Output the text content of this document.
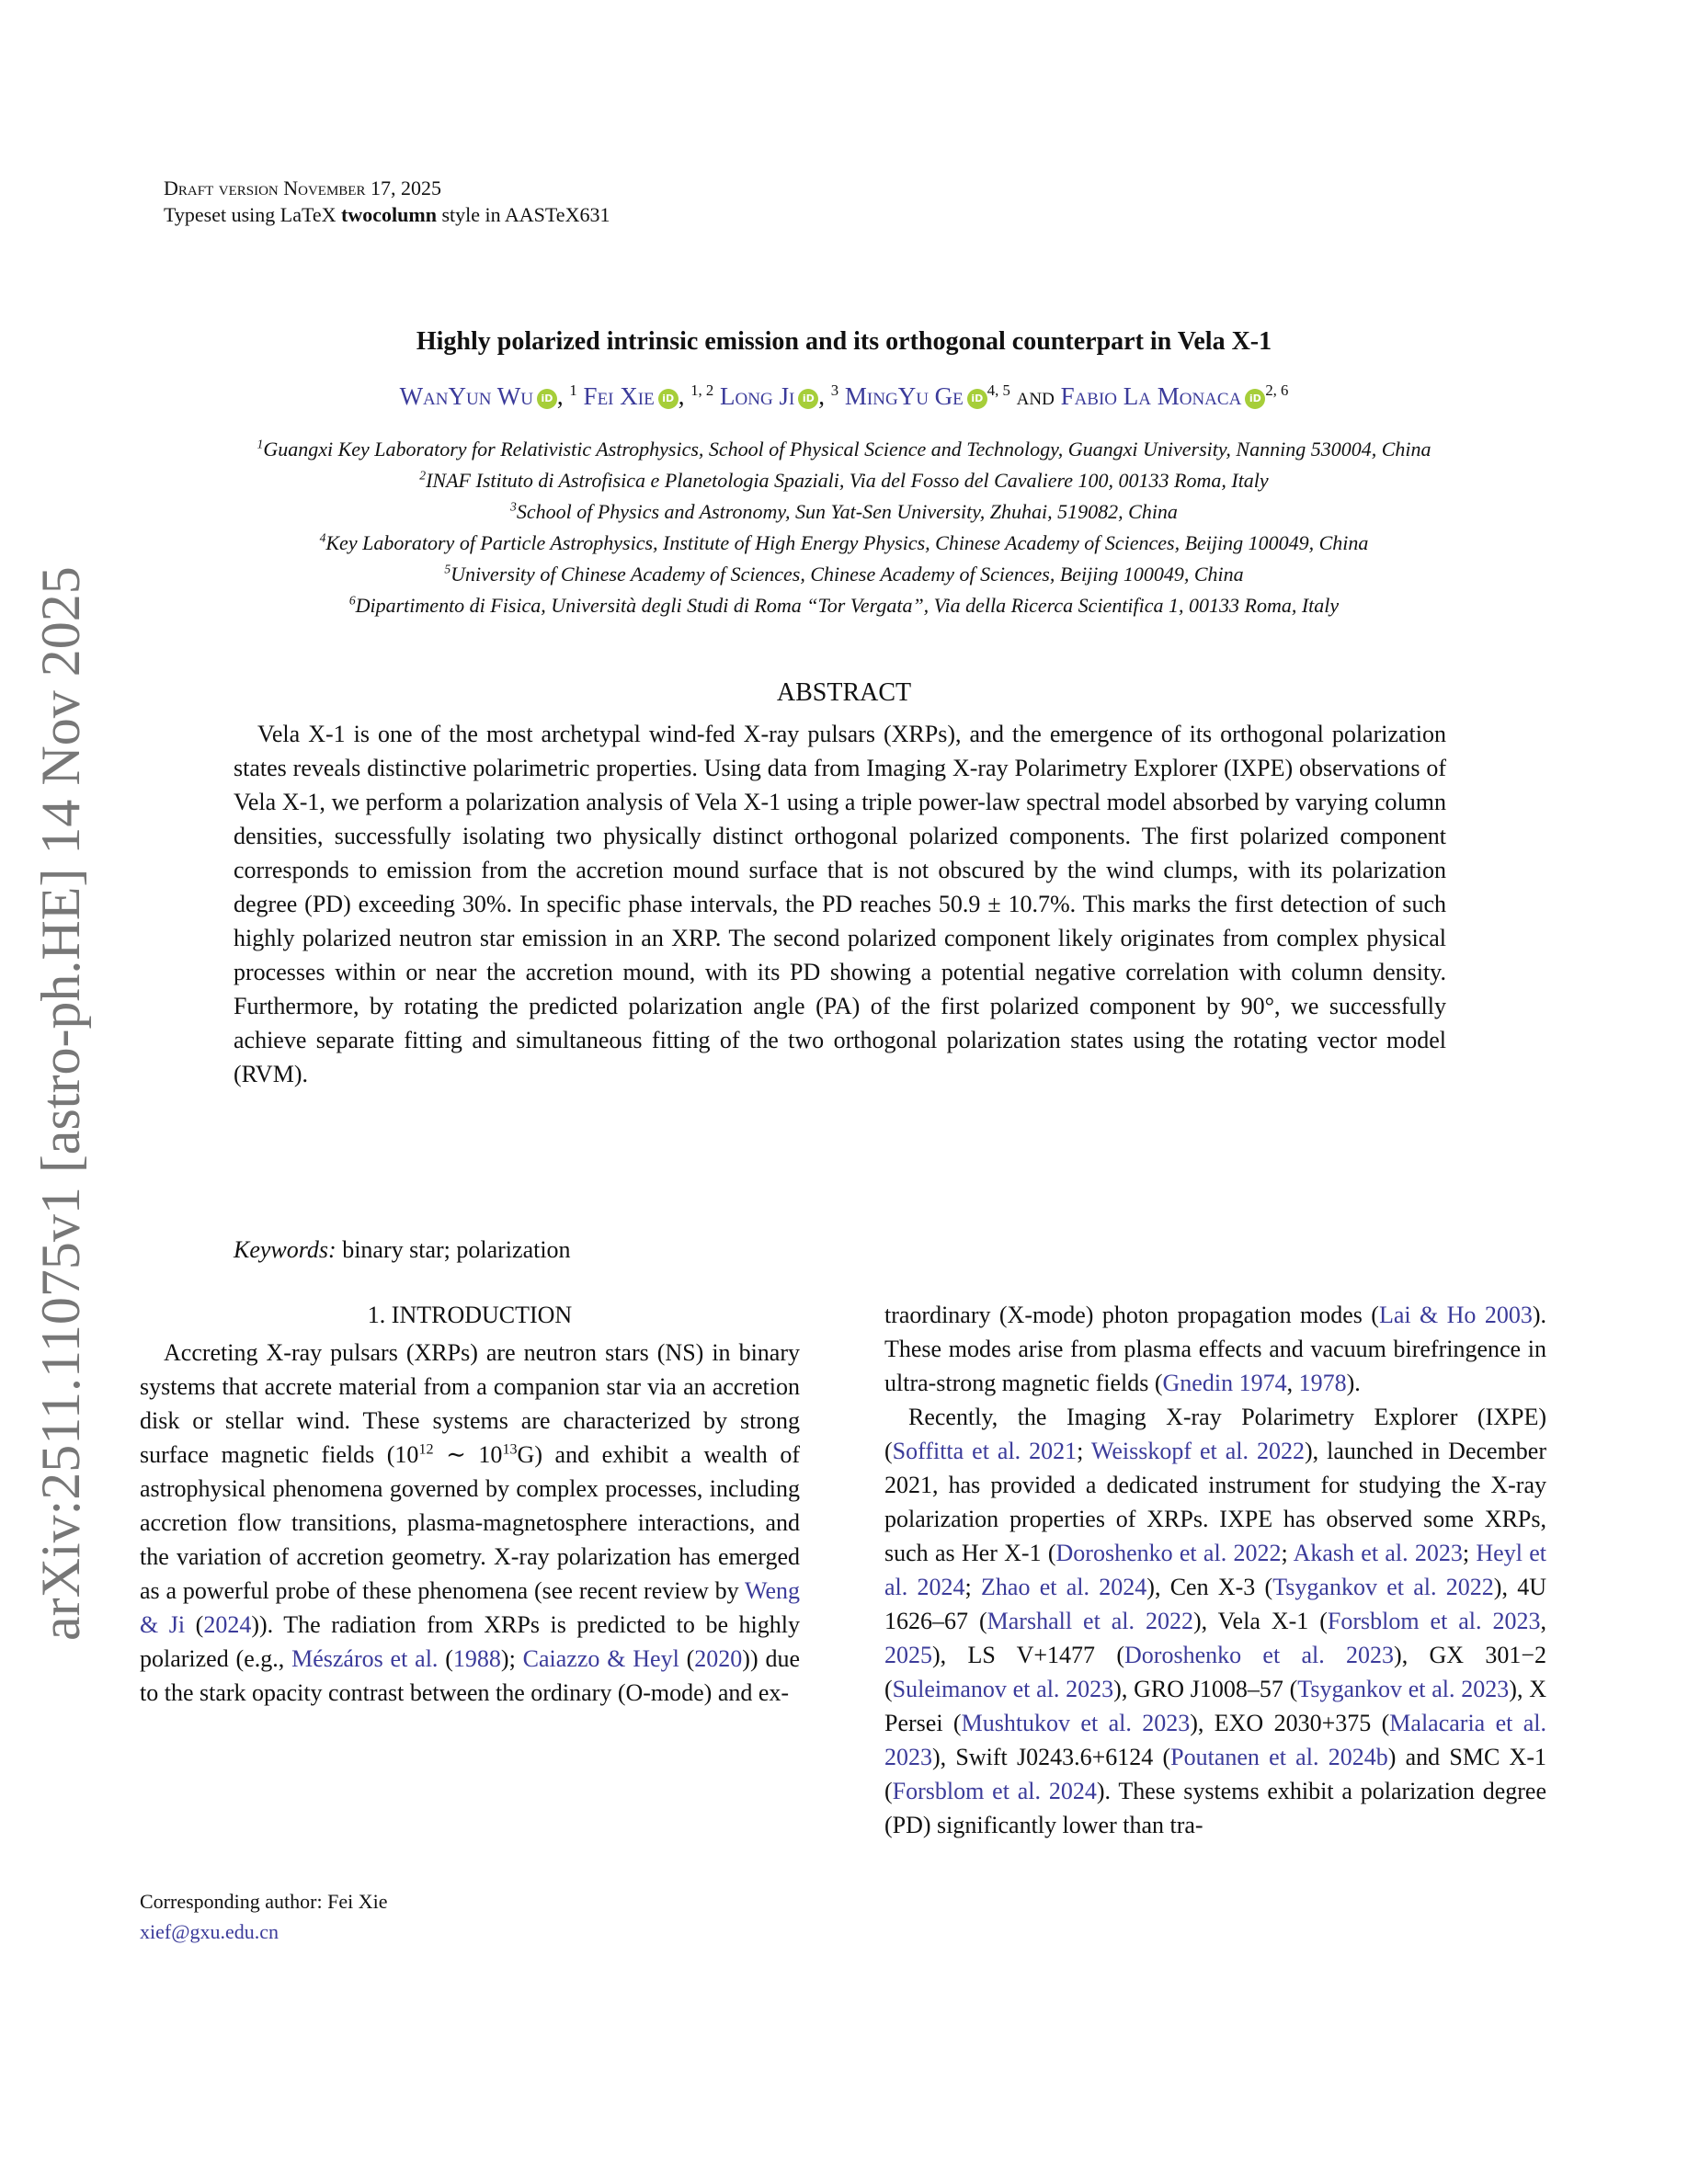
Draft version November 17, 2025
Typeset using LaTeX twocolumn style in AASTeX631
arXiv:2511.11075v1 [astro-ph.HE] 14 Nov 2025
Highly polarized intrinsic emission and its orthogonal counterpart in Vela X-1
WanYun Wu iD , $^1$ Fei Xie iD , $^{1, 2}$ Long Ji iD , $^3$ MingYu Ge iD $^{4, 5}$ and Fabio La Monaca iD $^{2, 6}$
$^1$Guangxi Key Laboratory for Relativistic Astrophysics, School of Physical Science and Technology, Guangxi University, Nanning 530004, China
$^2$INAF Istituto di Astrofisica e Planetologia Spaziali, Via del Fosso del Cavaliere 100, 00133 Roma, Italy
$^3$School of Physics and Astronomy, Sun Yat-Sen University, Zhuhai, 519082, China
$^4$Key Laboratory of Particle Astrophysics, Institute of High Energy Physics, Chinese Academy of Sciences, Beijing 100049, China
$^5$University of Chinese Academy of Sciences, Chinese Academy of Sciences, Beijing 100049, China
$^6$Dipartimento di Fisica, Università degli Studi di Roma “Tor Vergata”, Via della Ricerca Scientifica 1, 00133 Roma, Italy
ABSTRACT

Vela X-1 is one of the most archetypal wind-fed X-ray pulsars (XRPs), and the emergence of its orthogonal polarization states reveals distinctive polarimetric properties. Using data from Imaging X-ray Polarimetry Explorer (IXPE) observations of Vela X-1, we perform a polarization analysis of Vela X-1 using a triple power-law spectral model absorbed by varying column densities, successfully isolating two physically distinct orthogonal polarized components. The first polarized component corresponds to emission from the accretion mound surface that is not obscured by the wind clumps, with its polarization degree (PD) exceeding 30%. In specific phase intervals, the PD reaches 50.9 ± 10.7%. This marks the first detection of such highly polarized neutron star emission in an XRP. The second polarized component likely originates from complex physical processes within or near the accretion mound, with its PD showing a potential negative correlation with column density. Furthermore, by rotating the predicted polarization angle (PA) of the first polarized component by 90°, we successfully achieve separate fitting and simultaneous fitting of the two orthogonal polarization states using the rotating vector model (RVM).

Keywords: binary star; polarization
1. INTRODUCTION

Accreting X-ray pulsars (XRPs) are neutron stars (NS) in binary systems that accrete material from a companion star via an accretion disk or stellar wind. These systems are characterized by strong surface magnetic fields ($10^{12}$ ∼ $10^{13}G$) and exhibit a wealth of astrophysical phenomena governed by complex processes, including accretion flow transitions, plasma-magnetosphere interactions, and the variation of accretion geometry. X-ray polarization has emerged as a powerful probe of these phenomena (see recent review by Weng & Ji (2024)). The radiation from XRPs is predicted to be highly polarized (e.g., Mészáros et al. (1988); Caiazzo & Heyl (2020)) due to the stark opacity contrast between the ordinary (O-mode) and ex-

traordinary (X-mode) photon propagation modes (Lai & Ho 2003). These modes arise from plasma effects and vacuum birefringence in ultra-strong magnetic fields (Gnedin 1974, 1978).

Recently, the Imaging X-ray Polarimetry Explorer (IXPE) (Soffitta et al. 2021; Weisskopf et al. 2022), launched in December 2021, has provided a dedicated instrument for studying the X-ray polarization properties of XRPs. IXPE has observed some XRPs, such as Her X-1 (Doroshenko et al. 2022; Akash et al. 2023; Heyl et al. 2024; Zhao et al. 2024), Cen X-3 (Tsygankov et al. 2022), 4U 1626–67 (Marshall et al. 2022), Vela X-1 (Forsblom et al. 2023, 2025), LS V+1477 (Doroshenko et al. 2023), GX 301−2 (Suleimanov et al. 2023), GRO J1008–57 (Tsygankov et al. 2023), X Persei (Mushtukov et al. 2023), EXO 2030+375 (Malacaria et al. 2023), Swift J0243.6+6124 (Poutanen et al. 2024b) and SMC X-1 (Forsblom et al. 2024). These systems exhibit a polarization degree (PD) significantly lower than tra-

Corresponding author: Fei Xie
xief@gxu.edu.cn
